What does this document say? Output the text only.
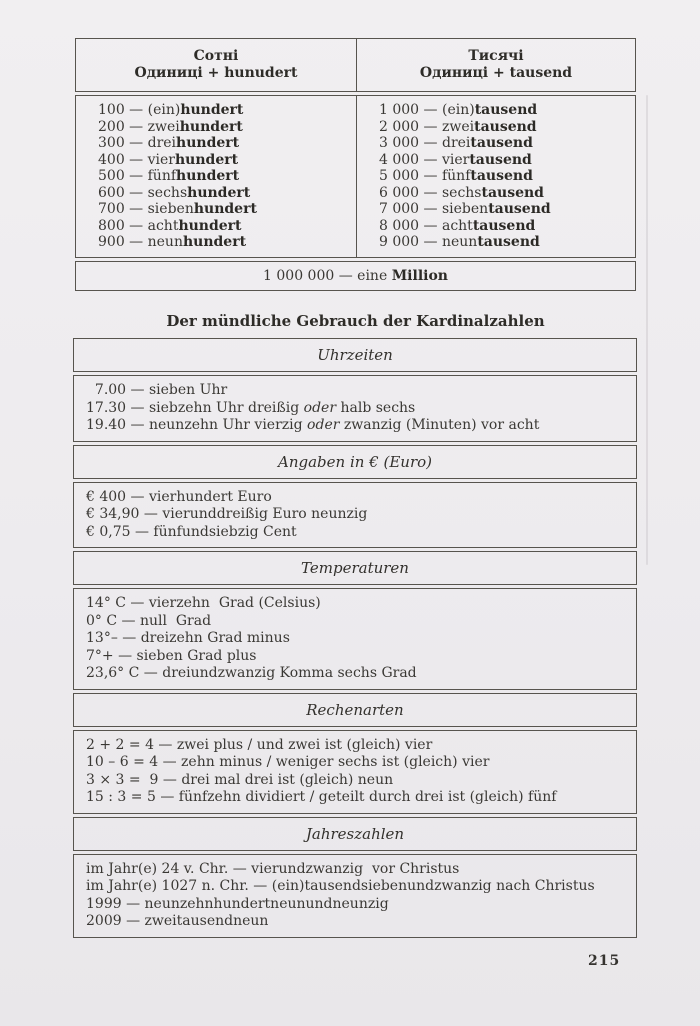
Сотні
Одиниці + hunudert
Тисячі
Одиниці + tausend
100 — (ein)hundert
200 — zweihundert
300 — dreihundert
400 — vierhundert
500 — fünfhundert
600 — sechshundert
700 — siebenhundert
800 — achthundert
900 — neunhundert
1 000 — (ein)tausend
2 000 — zweitausend
3 000 — dreitausend
4 000 — viertausend
5 000 — fünftausend
6 000 — sechstausend
7 000 — siebentausend
8 000 — achttausend
9 000 — neuntausend
1 000 000 — eine Million
Der mündliche Gebrauch der Kardinalzahlen
Uhrzeiten
7.00 — sieben Uhr
17.30 — siebzehn Uhr dreißig oder halb sechs
19.40 — neunzehn Uhr vierzig oder zwanzig (Minuten) vor acht
Angaben in € (Euro)
€ 400 — vierhundert Euro
€ 34,90 — vierunddreißig Euro neunzig
€ 0,75 — fünfundsiebzig Cent
Temperaturen
14° C — vierzehn  Grad (Celsius)
0° C — null  Grad
13°– — dreizehn Grad minus
7°+ — sieben Grad plus
23,6° C — dreiundzwanzig Komma sechs Grad
Rechenarten
2 + 2 = 4 — zwei plus / und zwei ist (gleich) vier
10 – 6 = 4 — zehn minus / weniger sechs ist (gleich) vier
3 × 3 =  9 — drei mal drei ist (gleich) neun
15 : 3 = 5 — fünfzehn dividiert / geteilt durch drei ist (gleich) fünf
Jahreszahlen
im Jahr(e) 24 v. Chr. — vierundzwanzig  vor Christus
im Jahr(e) 1027 n. Chr. — (ein)tausendsiebenundzwanzig nach Christus
1999 — neunzehnhundertneunundneunzig
2009 — zweitausendneun
215
